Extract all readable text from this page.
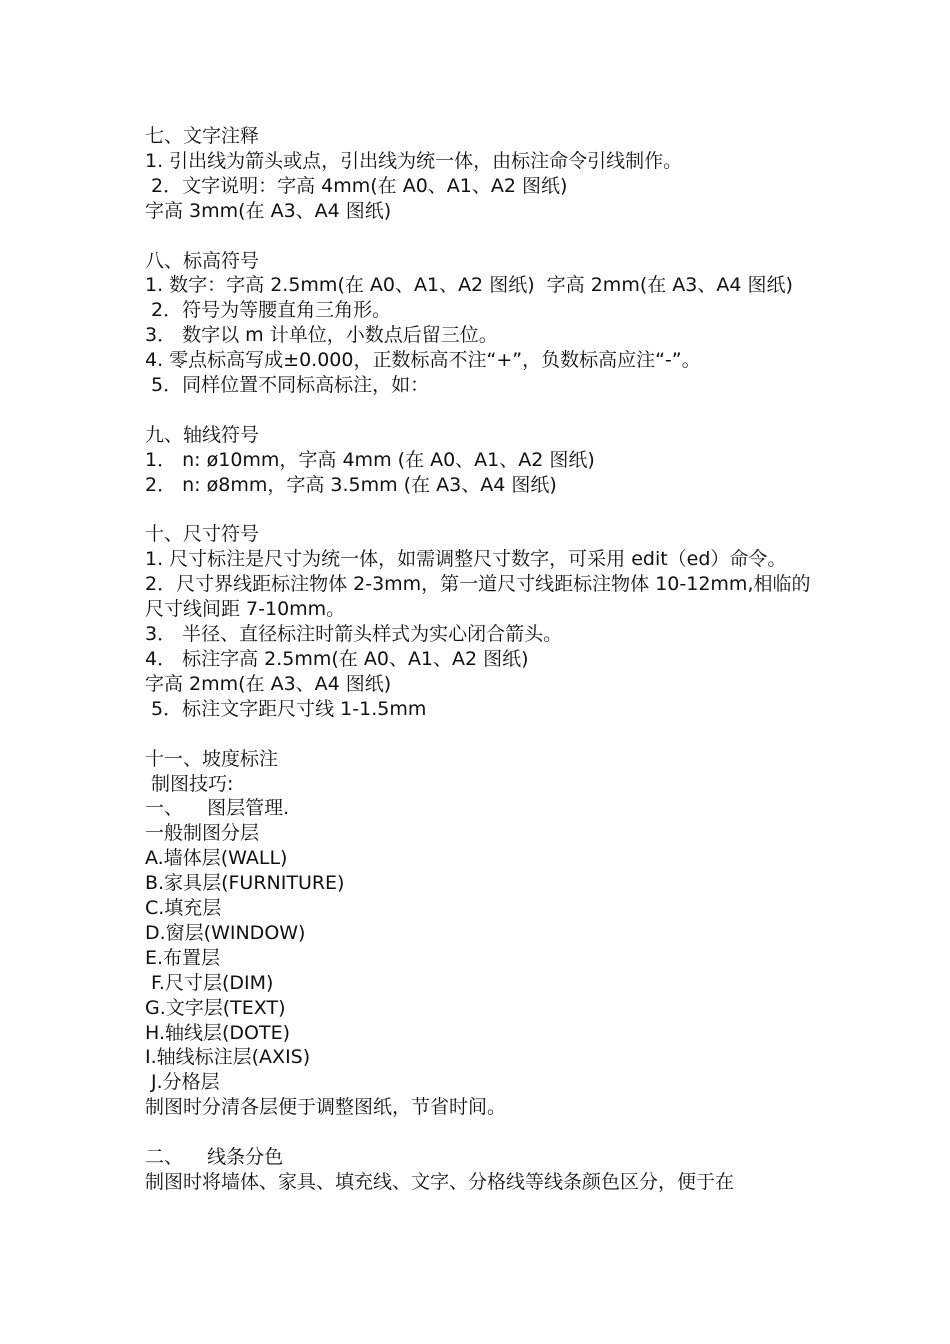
七、文字注释
1. 引出线为箭头或点，引出线为统一体，由标注命令引线制作。
2．文字说明：字高 4mm(在 A0、A1、A2 图纸)
字高 3mm(在 A3、A4 图纸)
八、标高符号
1. 数字：字高 2.5mm(在 A0、A1、A2 图纸)  字高 2mm(在 A3、A4 图纸)
2．符号为等腰直角三角形。
3． 数字以 m 计单位，小数点后留三位。
4. 零点标高写成±0.000，正数标高不注“+”，负数标高应注“-”。
5．同样位置不同标高标注，如：
九、轴线符号
1． n: ø10mm，字高 4mm (在 A0、A1、A2 图纸)
2． n: ø8mm，字高 3.5mm (在 A3、A4 图纸)
十、尺寸符号
1. 尺寸标注是尺寸为统一体，如需调整尺寸数字，可采用 edit（ed）命令。
2．尺寸界线距标注物体 2-3mm，第一道尺寸线距标注物体 10-12mm,相临的尺寸线间距 7-10mm。
3． 半径、直径标注时箭头样式为实心闭合箭头。
4． 标注字高 2.5mm(在 A0、A1、A2 图纸)
字高 2mm(在 A3、A4 图纸)
5．标注文字距尺寸线 1-1.5mm
十一、坡度标注
制图技巧:
一、    图层管理.
一般制图分层
A.墙体层(WALL)
B.家具层(FURNITURE)
C.填充层
D.窗层(WINDOW)
E.布置层
F.尺寸层(DIM)
G.文字层(TEXT)
H.轴线层(DOTE)
I.轴线标注层(AXIS)
J.分格层
制图时分清各层便于调整图纸，节省时间。
二、    线条分色
制图时将墙体、家具、填充线、文字、分格线等线条颜色区分，便于在
